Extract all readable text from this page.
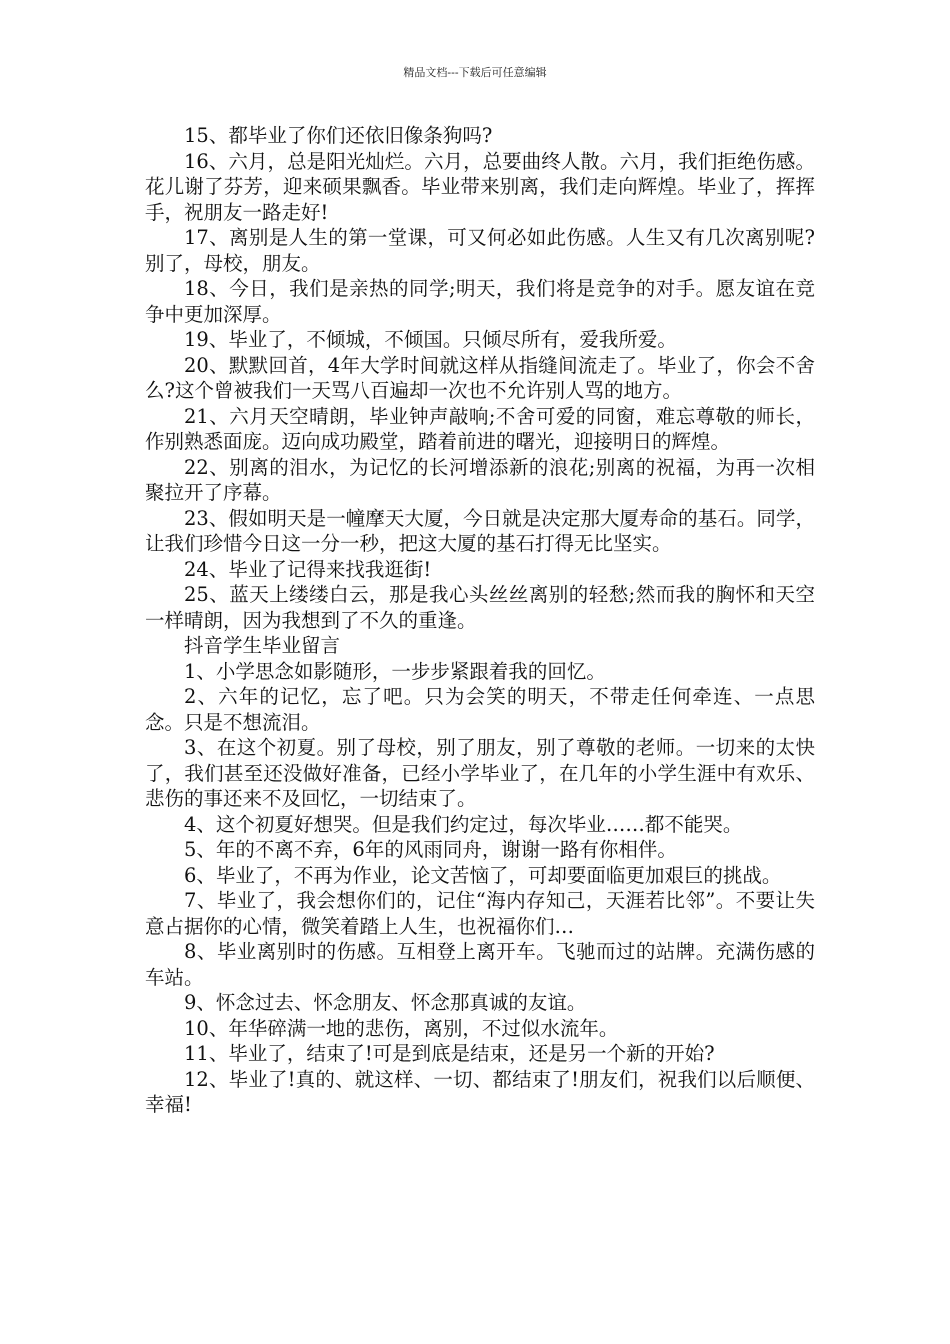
精品文档---下载后可任意编辑

15、都毕业了你们还依旧像条狗吗?

16、六月，总是阳光灿烂。六月，总要曲终人散。六月，我们拒绝伤感。花儿谢了芬芳，迎来硕果飘香。毕业带来别离，我们走向辉煌。毕业了，挥挥手，祝朋友一路走好!

17、离别是人生的第一堂课，可又何必如此伤感。人生又有几次离别呢?别了，母校，朋友。

18、今日，我们是亲热的同学;明天，我们将是竞争的对手。愿友谊在竞争中更加深厚。

19、毕业了，不倾城，不倾国。只倾尽所有，爱我所爱。

20、默默回首，4年大学时间就这样从指缝间流走了。毕业了，你会不舍么?这个曾被我们一天骂八百遍却一次也不允许别人骂的地方。

21、六月天空晴朗，毕业钟声敲响;不舍可爱的同窗，难忘尊敬的师长，作别熟悉面庞。迈向成功殿堂，踏着前进的曙光，迎接明日的辉煌。

22、别离的泪水，为记忆的长河增添新的浪花;别离的祝福，为再一次相聚拉开了序幕。

23、假如明天是一幢摩天大厦，今日就是决定那大厦寿命的基石。同学，让我们珍惜今日这一分一秒，把这大厦的基石打得无比坚实。

24、毕业了记得来找我逛街!

25、蓝天上缕缕白云，那是我心头丝丝离别的轻愁;然而我的胸怀和天空一样晴朗，因为我想到了不久的重逢。

抖音学生毕业留言

1、小学思念如影随形，一步步紧跟着我的回忆。

2、六年的记忆，忘了吧。只为会笑的明天，不带走任何牵连、一点思念。只是不想流泪。

3、在这个初夏。别了母校，别了朋友，别了尊敬的老师。一切来的太快了，我们甚至还没做好准备，已经小学毕业了，在几年的小学生涯中有欢乐、悲伤的事还来不及回忆，一切结束了。

4、这个初夏好想哭。但是我们约定过，每次毕业……都不能哭。

5、年的不离不弃，6年的风雨同舟，谢谢一路有你相伴。

6、毕业了，不再为作业，论文苦恼了，可却要面临更加艰巨的挑战。

7、毕业了，我会想你们的，记住“海内存知己，天涯若比邻”。不要让失意占据你的心情，微笑着踏上人生，也祝福你们…

8、毕业离别时的伤感。互相登上离开车。飞驰而过的站牌。充满伤感的车站。

9、怀念过去、怀念朋友、怀念那真诚的友谊。

10、年华碎满一地的悲伤，离别，不过似水流年。

11、毕业了，结束了!可是到底是结束，还是另一个新的开始?

12、毕业了!真的、就这样、一切、都结束了!朋友们，祝我们以后顺便、幸福!
